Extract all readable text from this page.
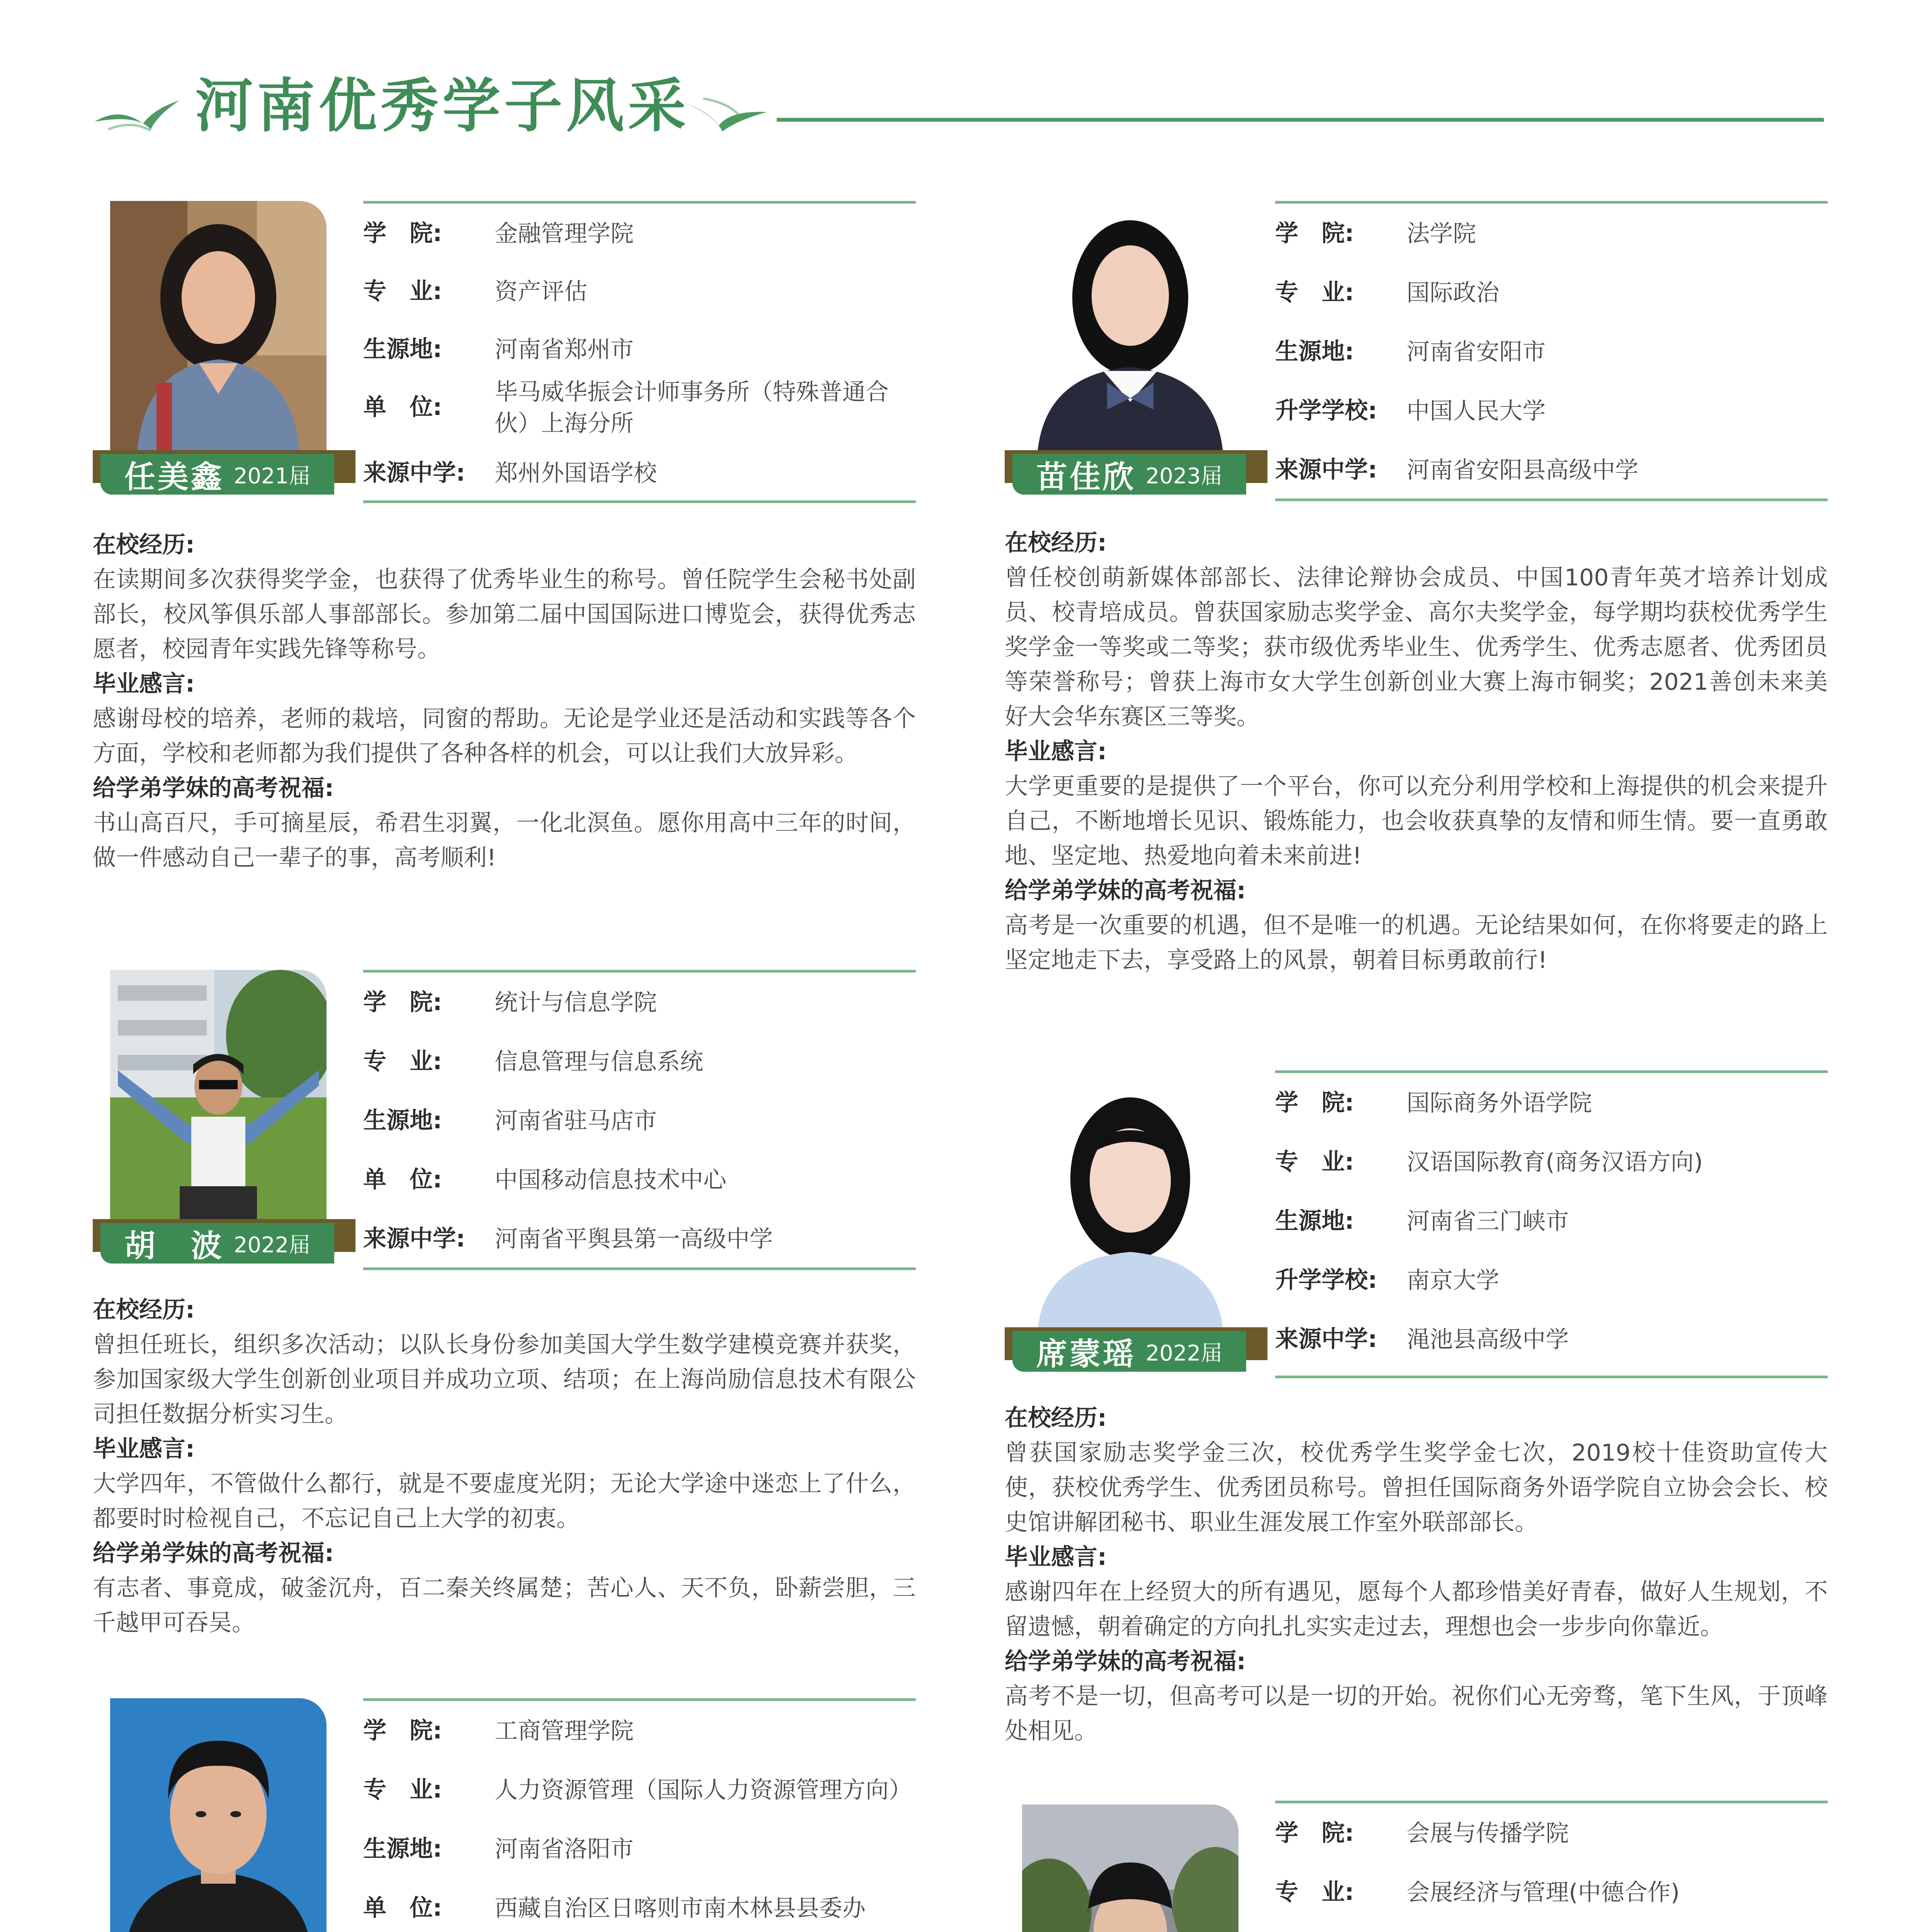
河南优秀学子风采
任美鑫 2021届
学　院:	金融管理学院
专　业:	资产评估
生源地:	河南省郑州市
单　位:
毕马威华振会计师事务所（特殊普通合伙）上海分所
来源中学:	郑州外国语学校
在校经历:
在读期间多次获得奖学金，也获得了优秀毕业生的称号。曾任院学生会秘书处副部长，校风筝俱乐部人事部部长。参加第二届中国国际进口博览会，获得优秀志愿者，校园青年实践先锋等称号。
毕业感言:
感谢母校的培养，老师的栽培，同窗的帮助。无论是学业还是活动和实践等各个方面，学校和老师都为我们提供了各种各样的机会，可以让我们大放异彩。
给学弟学妹的高考祝福:
书山高百尺，手可摘星辰，希君生羽翼，一化北溟鱼。愿你用高中三年的时间，做一件感动自己一辈子的事，高考顺利!
胡　波 2022届
学　院:	统计与信息学院
专　业:	信息管理与信息系统
生源地:	河南省驻马店市
单　位:	中国移动信息技术中心
来源中学:	河南省平舆县第一高级中学
在校经历:
曾担任班长，组织多次活动；以队长身份参加美国大学生数学建模竞赛并获奖，参加国家级大学生创新创业项目并成功立项、结项；在上海尚励信息技术有限公司担任数据分析实习生。
毕业感言:
大学四年，不管做什么都行，就是不要虚度光阴；无论大学途中迷恋上了什么，都要时时检视自己，不忘记自己上大学的初衷。
给学弟学妹的高考祝福:
有志者、事竟成，破釜沉舟，百二秦关终属楚；苦心人、天不负，卧薪尝胆，三千越甲可吞吴。
学　院:	工商管理学院
专　业:	人力资源管理（国际人力资源管理方向）
生源地:	河南省洛阳市
单　位:	西藏自治区日喀则市南木林县县委办
苗佳欣 2023届
学　院:	法学院
专　业:	国际政治
生源地:	河南省安阳市
升学学校:	中国人民大学
来源中学:	河南省安阳县高级中学
在校经历:
曾任校创萌新媒体部部长、法律论辩协会成员、中国100青年英才培养计划成员、校青培成员。曾获国家励志奖学金、高尔夫奖学金，每学期均获校优秀学生奖学金一等奖或二等奖；获市级优秀毕业生、优秀学生、优秀志愿者、优秀团员等荣誉称号；曾获上海市女大学生创新创业大赛上海市铜奖；2021善创未来美好大会华东赛区三等奖。
毕业感言:
大学更重要的是提供了一个平台，你可以充分利用学校和上海提供的机会来提升自己，不断地增长见识、锻炼能力，也会收获真挚的友情和师生情。要一直勇敢地、坚定地、热爱地向着未来前进!
给学弟学妹的高考祝福:
高考是一次重要的机遇，但不是唯一的机遇。无论结果如何，在你将要走的路上坚定地走下去，享受路上的风景，朝着目标勇敢前行!
席蒙瑶 2022届
学　院:	国际商务外语学院
专　业:	汉语国际教育(商务汉语方向)
生源地:	河南省三门峡市
升学学校:	南京大学
来源中学:	渑池县高级中学
在校经历:
曾获国家励志奖学金三次，校优秀学生奖学金七次，2019校十佳资助宣传大使，获校优秀学生、优秀团员称号。曾担任国际商务外语学院自立协会会长、校史馆讲解团秘书、职业生涯发展工作室外联部部长。
毕业感言:
感谢四年在上经贸大的所有遇见，愿每个人都珍惜美好青春，做好人生规划，不留遗憾，朝着确定的方向扎扎实实走过去，理想也会一步步向你靠近。
给学弟学妹的高考祝福:
高考不是一切，但高考可以是一切的开始。祝你们心无旁骛，笔下生风，于顶峰处相见。
学　院:	会展与传播学院
专　业:	会展经济与管理(中德合作)
